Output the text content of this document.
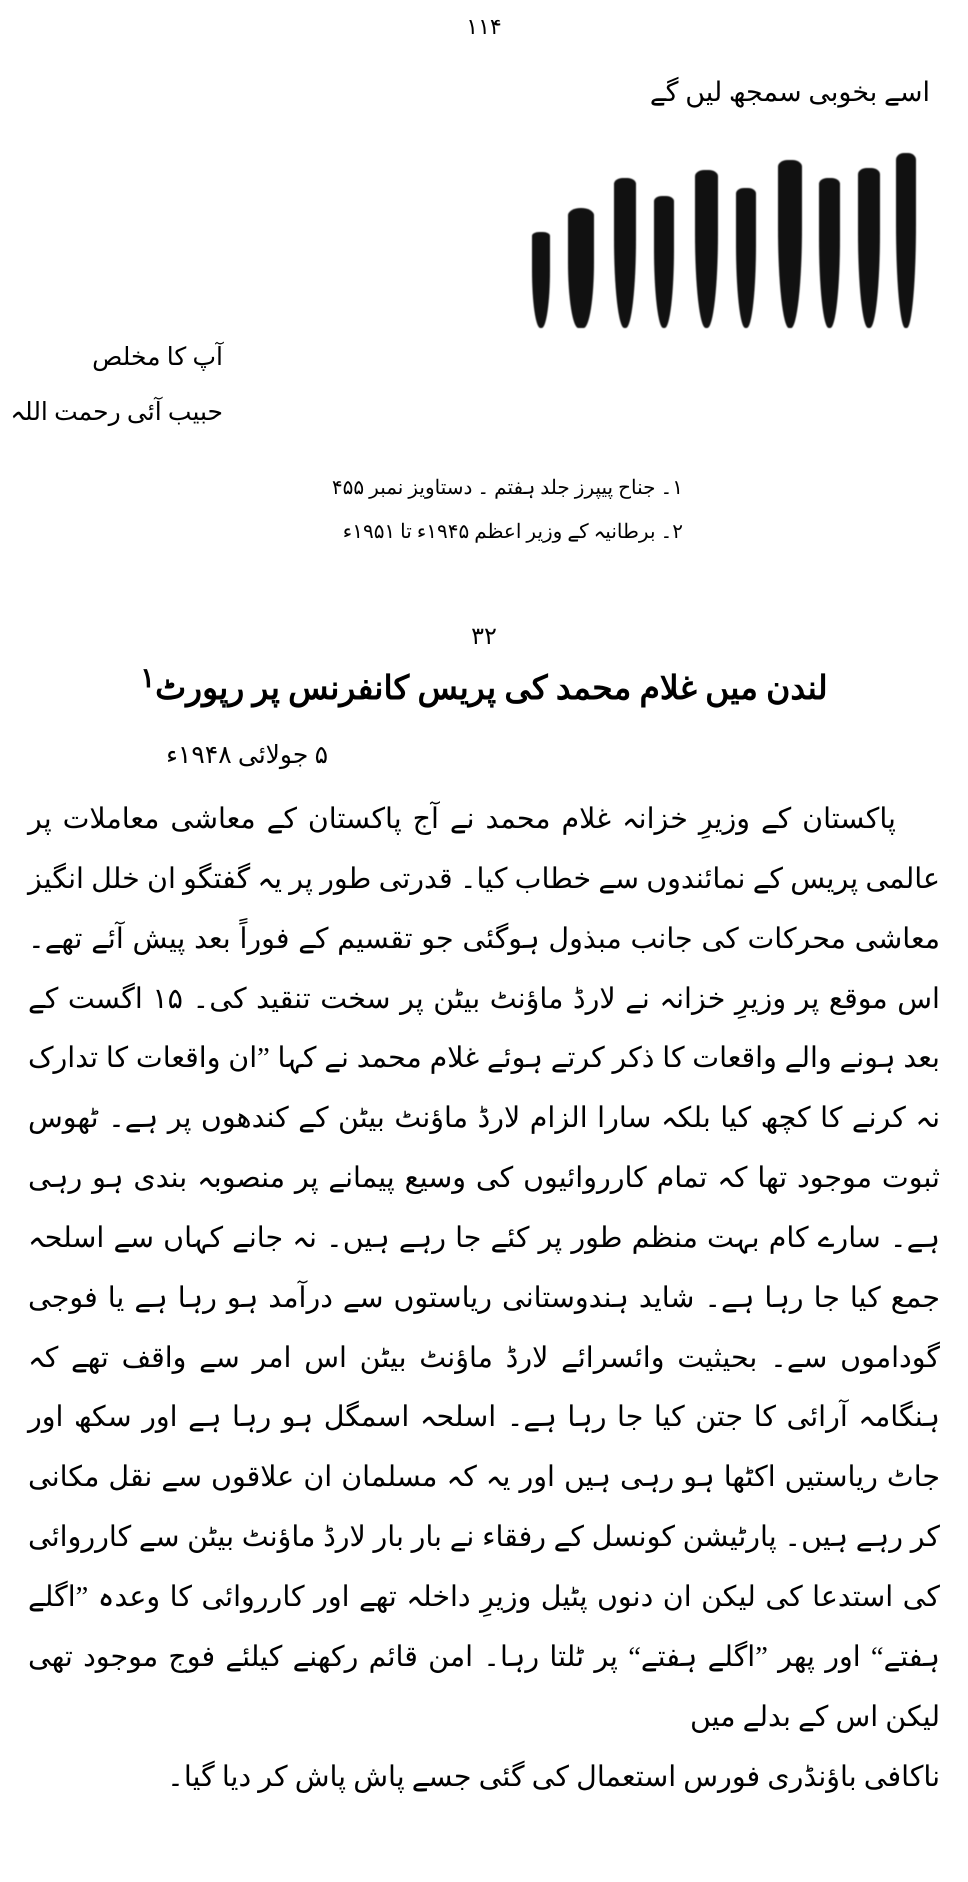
۱۱۴
اسے بخوبی سمجھ لیں گے
آپ کا مخلص
حبیب آئی رحمت اللہ
۱۔ جناح پیپرز جلد ہفتم ۔ دستاویز نمبر ۴۵۵
۲۔ برطانیہ کے وزیر اعظم ۱۹۴۵ء تا ۱۹۵۱ء
۳۲
لندن میں غلام محمد کی پریس کانفرنس پر رپورٹ$^۱$
۵ جولائی ۱۹۴۸ء
پاکستان کے وزیرِ خزانہ غلام محمد نے آج پاکستان کے معاشی معاملات پر عالمی پریس کے نمائندوں سے خطاب کیا۔ قدرتی طور پر یہ گفتگو ان خلل انگیز معاشی محرکات کی جانب مبذول ہوگئی جو تقسیم کے فوراً بعد پیش آئے تھے۔ اس موقع پر وزیرِ خزانہ نے لارڈ ماؤنٹ بیٹن پر سخت تنقید کی۔ ۱۵ اگست کے بعد ہونے والے واقعات کا ذکر کرتے ہوئے غلام محمد نے کہا ”ان واقعات کا تدارک نہ کرنے کا کچھ کیا بلکہ سارا الزام لارڈ ماؤنٹ بیٹن کے کندھوں پر ہے۔ ٹھوس ثبوت موجود تھا کہ تمام کارروائیوں کی وسیع پیمانے پر منصوبہ بندی ہو رہی ہے۔ سارے کام بہت منظم طور پر کئے جا رہے ہیں۔ نہ جانے کہاں سے اسلحہ جمع کیا جا رہا ہے۔ شاید ہندوستانی ریاستوں سے درآمد ہو رہا ہے یا فوجی گوداموں سے۔ بحیثیت وائسرائے لارڈ ماؤنٹ بیٹن اس امر سے واقف تھے کہ ہنگامہ آرائی کا جتن کیا جا رہا ہے۔ اسلحہ اسمگل ہو رہا ہے اور سکھ اور جاٹ ریاستیں اکٹھا ہو رہی ہیں اور یہ کہ مسلمان ان علاقوں سے نقل مکانی کر رہے ہیں۔ پارٹیشن کونسل کے رفقاء نے بار بار لارڈ ماؤنٹ بیٹن سے کارروائی کی استدعا کی لیکن ان دنوں پٹیل وزیرِ داخلہ تھے اور کارروائی کا وعدہ ”اگلے ہفتے“ اور پھر ”اگلے ہفتے“ پر ٹلتا رہا۔ امن قائم رکھنے کیلئے فوج موجود تھی لیکن اس کے بدلے میں
ناکافی باؤنڈری فورس استعمال کی گئی جسے پاش پاش کر دیا گیا۔
